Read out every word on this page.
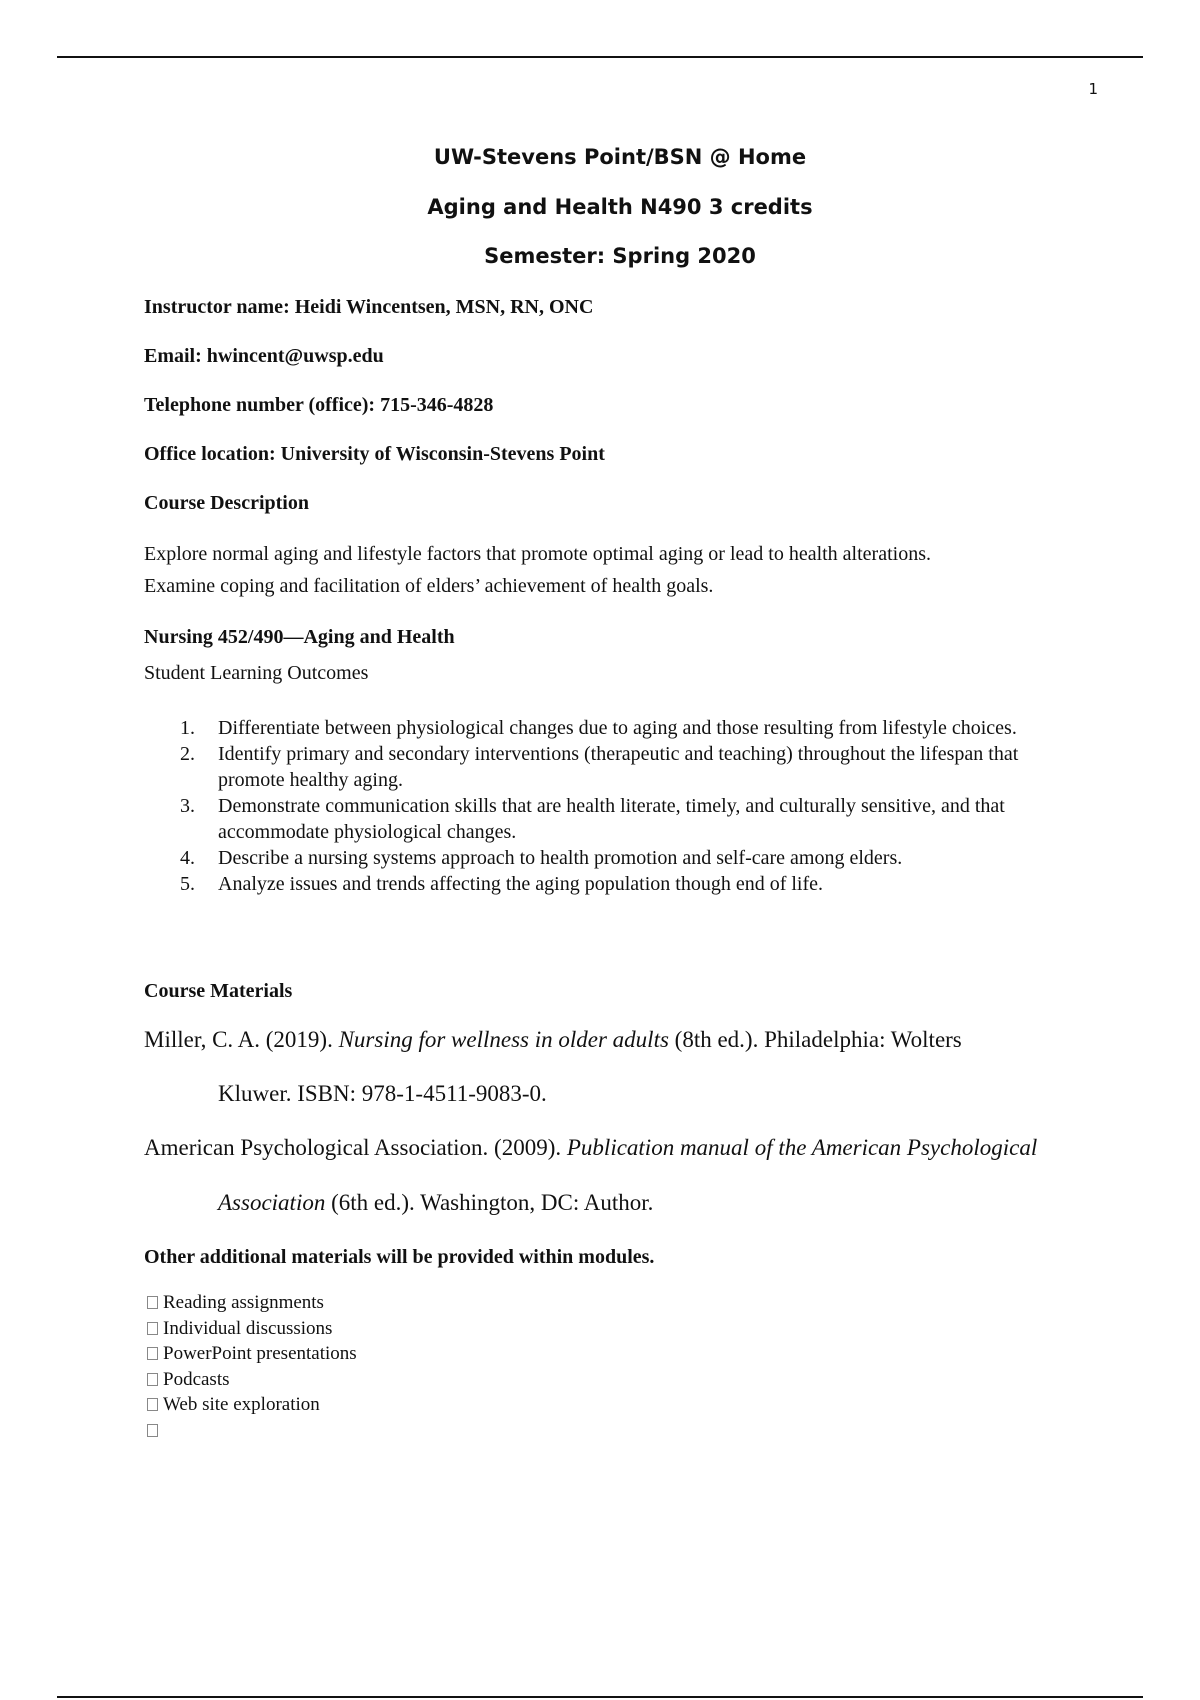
1
UW-Stevens Point/BSN @ Home
Aging and Health N490 3 credits
Semester: Spring 2020
Instructor name: Heidi Wincentsen, MSN, RN, ONC
Email: hwincent@uwsp.edu
Telephone number (office): 715-346-4828
Office location: University of Wisconsin-Stevens Point
Course Description
Explore normal aging and lifestyle factors that promote optimal aging or lead to health alterations.
Examine coping and facilitation of elders’ achievement of health goals.
Nursing 452/490—Aging and Health
Student Learning Outcomes
1. Differentiate between physiological changes due to aging and those resulting from lifestyle choices.
2. Identify primary and secondary interventions (therapeutic and teaching) throughout the lifespan that promote healthy aging.
3. Demonstrate communication skills that are health literate, timely, and culturally sensitive, and that accommodate physiological changes.
4. Describe a nursing systems approach to health promotion and self-care among elders.
5. Analyze issues and trends affecting the aging population though end of life.
Course Materials
Miller, C. A. (2019). Nursing for wellness in older adults (8th ed.). Philadelphia: Wolters
Kluwer. ISBN: 978-1-4511-9083-0.
American Psychological Association. (2009). Publication manual of the American Psychological
Association (6th ed.). Washington, DC: Author.
Other additional materials will be provided within modules.
Reading assignments
Individual discussions
PowerPoint presentations
Podcasts
Web site exploration
